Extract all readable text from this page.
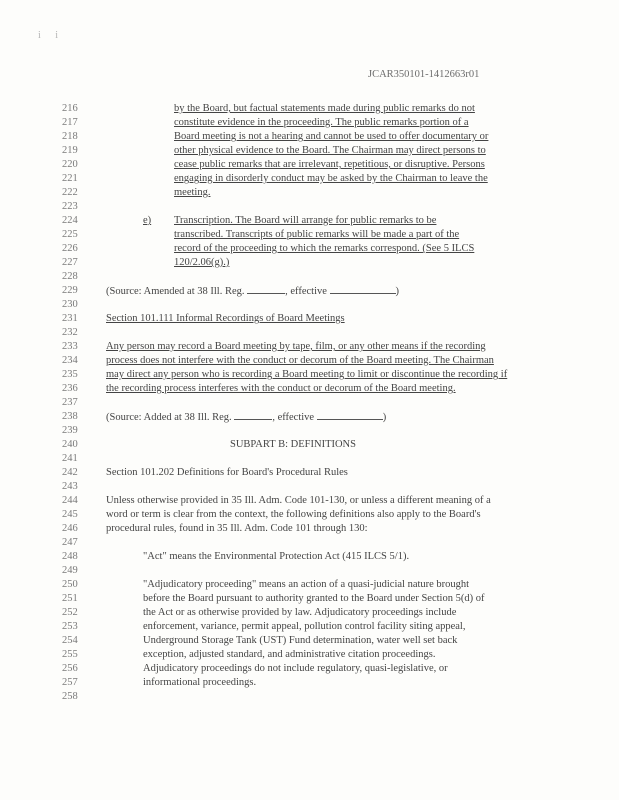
i i
JCAR350101-1412663r01
216
217
218
219
220
221
222
223
224
225
226
227
228
229
230
231
232
233
234
235
236
237
238
239
240
241
242
243
244
245
246
247
248
249
250
251
252
253
254
255
256
257
258
by the Board, but factual statements made during public remarks do not
constitute evidence in the proceeding. The public remarks portion of a
Board meeting is not a hearing and cannot be used to offer documentary or
other physical evidence to the Board. The Chairman may direct persons to
cease public remarks that are irrelevant, repetitious, or disruptive. Persons
engaging in disorderly conduct may be asked by the Chairman to leave the
meeting.
e) Transcription. The Board will arrange for public remarks to be
transcribed. Transcripts of public remarks will be made a part of the
record of the proceeding to which the remarks correspond. (See 5 ILCS
120/2.06(g).)
(Source: Amended at 38 Ill. Reg.	, effective	)
Section 101.111 Informal Recordings of Board Meetings
Any person may record a Board meeting by tape, film, or any other means if the recording
process does not interfere with the conduct or decorum of the Board meeting. The Chairman
may direct any person who is recording a Board meeting to limit or discontinue the recording if
the recording process interferes with the conduct or decorum of the Board meeting.
(Source: Added at 38 Ill. Reg.	, effective	)
SUBPART B: DEFINITIONS
Section 101.202 Definitions for Board's Procedural Rules
Unless otherwise provided in 35 Ill. Adm. Code 101-130, or unless a different meaning of a
word or term is clear from the context, the following definitions also apply to the Board's
procedural rules, found in 35 Ill. Adm. Code 101 through 130:
"Act" means the Environmental Protection Act (415 ILCS 5/1).
"Adjudicatory proceeding" means an action of a quasi-judicial nature brought
before the Board pursuant to authority granted to the Board under Section 5(d) of
the Act or as otherwise provided by law. Adjudicatory proceedings include
enforcement, variance, permit appeal, pollution control facility siting appeal,
Underground Storage Tank (UST) Fund determination, water well set back
exception, adjusted standard, and administrative citation proceedings.
Adjudicatory proceedings do not include regulatory, quasi-legislative, or
informational proceedings.
